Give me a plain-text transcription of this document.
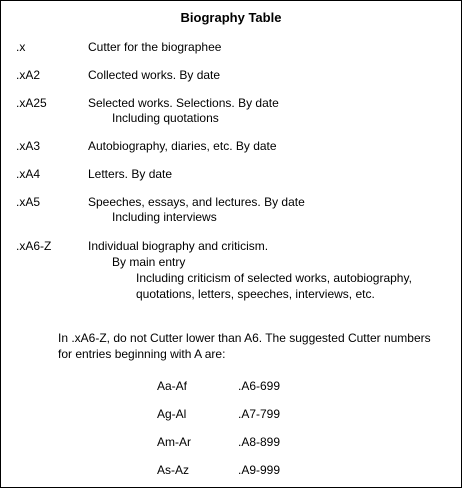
Biography Table
.x	Cutter for the biographee
.xA2	Collected works. By date
.xA25	Selected works. Selections. By date
Including quotations
.xA3	Autobiography, diaries, etc. By date
.xA4	Letters. By date
.xA5	Speeches, essays, and lectures. By date
Including interviews
.xA6-Z	Individual biography and criticism.
By main entry
Including criticism of selected works, autobiography, quotations, letters, speeches, interviews, etc.
In .xA6-Z, do not Cutter lower than A6. The suggested Cutter numbers for entries beginning with A are:
Aa-Af	.A6-699
Ag-Al	.A7-799
Am-Ar	.A8-899
As-Az	.A9-999
